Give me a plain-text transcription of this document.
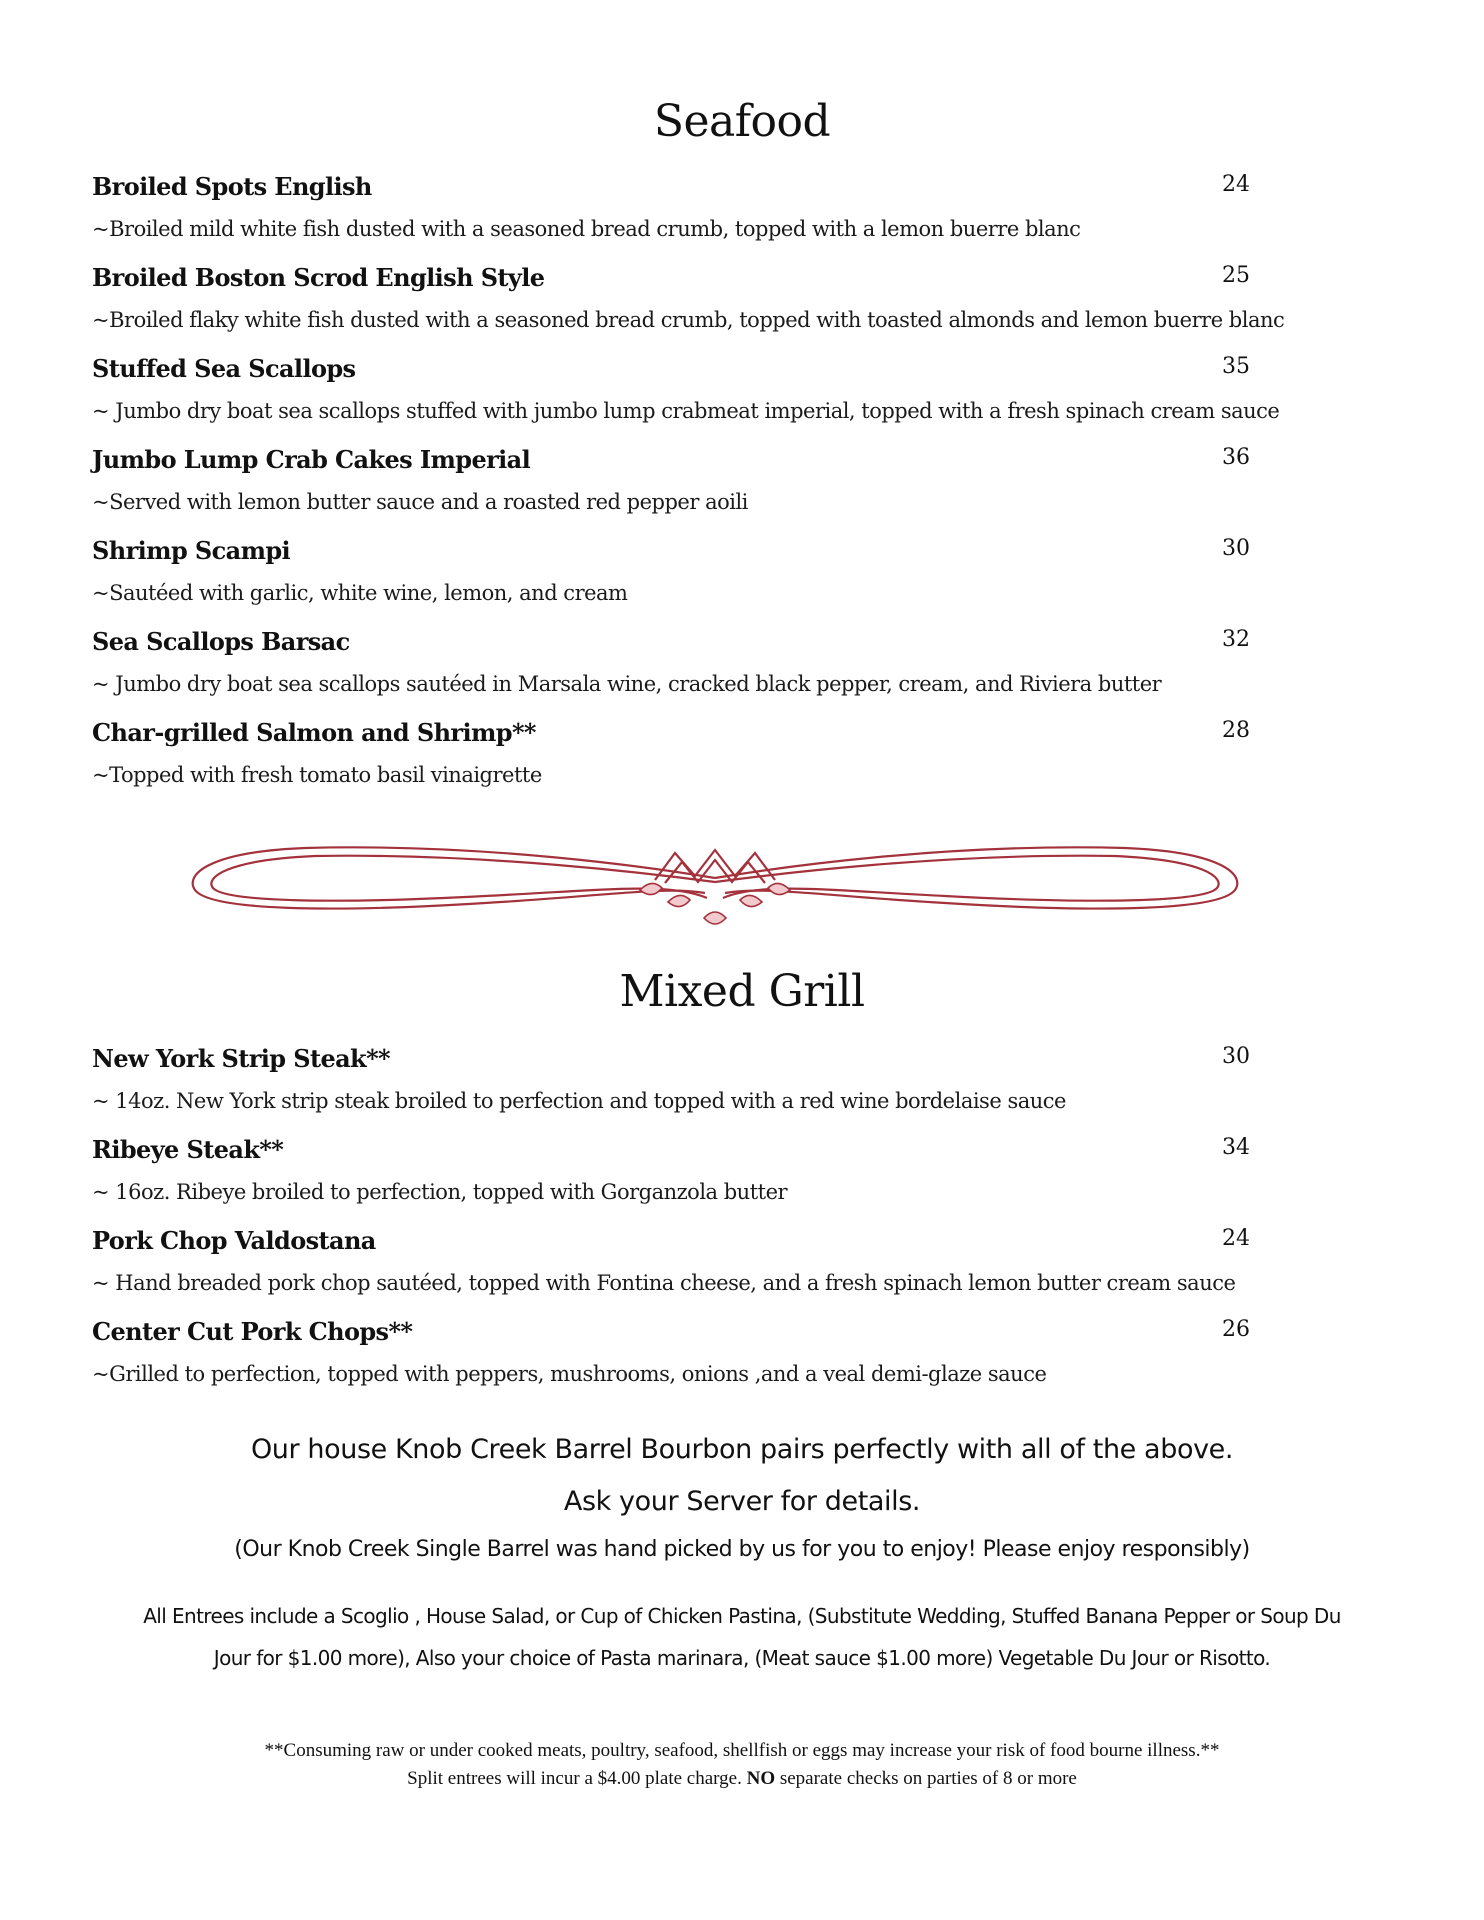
Seafood
Broiled Spots English	24
~Broiled mild white fish dusted with a seasoned bread crumb, topped with a lemon buerre blanc
Broiled Boston Scrod English Style	25
~Broiled flaky white fish dusted with a seasoned bread crumb, topped with toasted almonds and lemon buerre blanc
Stuffed Sea Scallops	35
~ Jumbo dry boat sea scallops stuffed with jumbo lump crabmeat imperial, topped with a fresh spinach cream sauce
Jumbo Lump Crab Cakes Imperial	36
~Served with lemon butter sauce and a roasted red pepper aoili
Shrimp Scampi	30
~Sautéed with garlic, white wine, lemon, and cream
Sea Scallops Barsac	32
~ Jumbo dry boat sea scallops sautéed in Marsala wine, cracked black pepper, cream, and Riviera butter
Char-grilled Salmon and Shrimp**	28
~Topped with fresh tomato basil vinaigrette
Mixed Grill
New York Strip Steak**	30
~ 14oz. New York strip steak broiled to perfection and topped with a red wine bordelaise sauce
Ribeye Steak**	34
~ 16oz. Ribeye broiled to perfection, topped with Gorganzola butter
Pork Chop Valdostana	24
~ Hand breaded pork chop sautéed, topped with Fontina cheese, and a fresh spinach lemon butter cream sauce
Center Cut Pork Chops**	26
~Grilled to perfection, topped with peppers, mushrooms, onions ,and a veal demi-glaze sauce
Our house Knob Creek Barrel Bourbon pairs perfectly with all of the above.
Ask your Server for details.
(Our Knob Creek Single Barrel was hand picked by us for you to enjoy! Please enjoy responsibly)
All Entrees include a Scoglio , House Salad, or Cup of Chicken Pastina, (Substitute Wedding, Stuffed Banana Pepper or Soup Du
Jour for $1.00 more), Also your choice of Pasta marinara, (Meat sauce $1.00 more) Vegetable Du Jour or Risotto.
**Consuming raw or under cooked meats, poultry, seafood, shellfish or eggs may increase your risk of food bourne illness.**
Split entrees will incur a $4.00 plate charge. NO separate checks on parties of 8 or more
